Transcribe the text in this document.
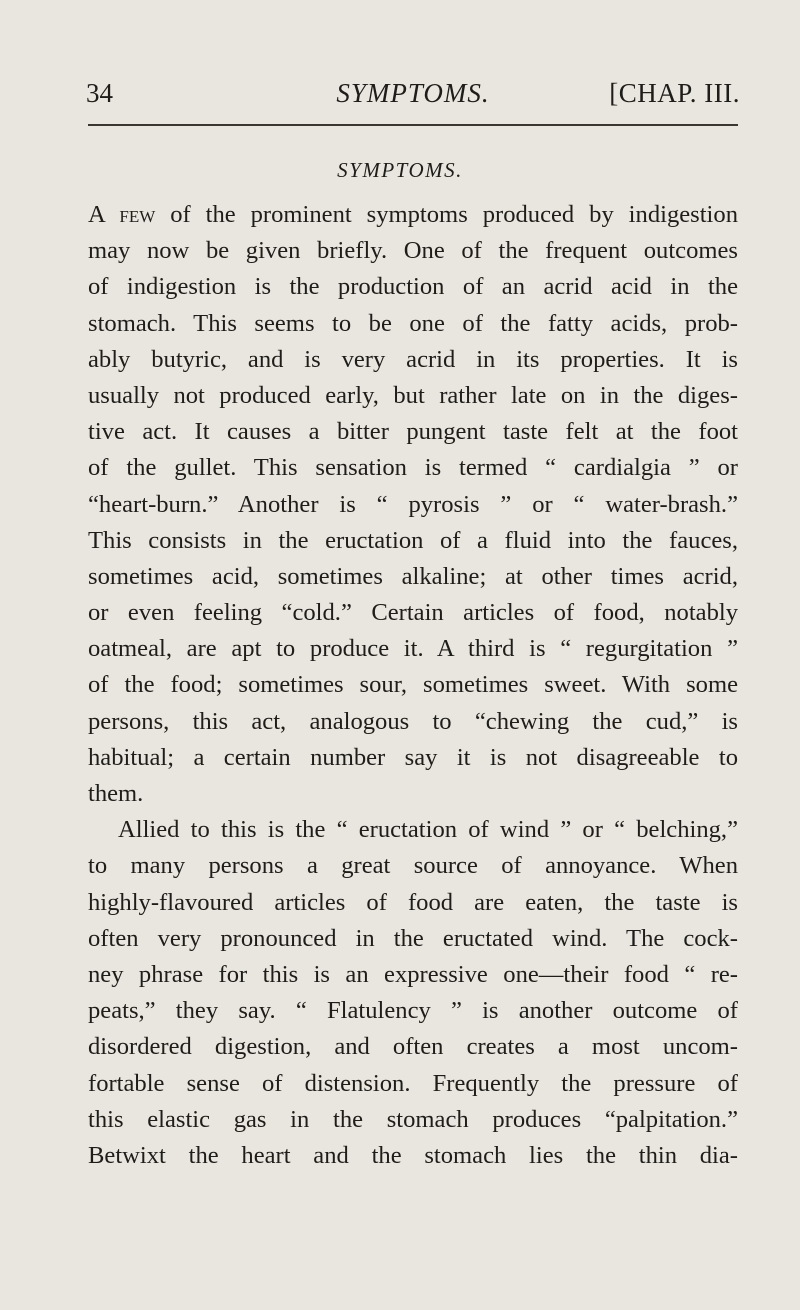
34	SYMPTOMS.	[CHAP. III.
SYMPTOMS.
A few of the prominent symptoms produced by indigestion
may now be given briefly. One of the frequent outcomes
of indigestion is the production of an acrid acid in the
stomach. This seems to be one of the fatty acids, prob-
ably butyric, and is very acrid in its properties. It is
usually not produced early, but rather late on in the diges-
tive act. It causes a bitter pungent taste felt at the foot
of the gullet. This sensation is termed “ cardialgia ” or
“heart-burn.” Another is “ pyrosis ” or “ water-brash.”
This consists in the eructation of a fluid into the fauces,
sometimes acid, sometimes alkaline; at other times acrid,
or even feeling “cold.” Certain articles of food, notably
oatmeal, are apt to produce it. A third is “ regurgitation ”
of the food; sometimes sour, sometimes sweet. With some
persons, this act, analogous to “chewing the cud,” is
habitual; a certain number say it is not disagreeable to
them.
Allied to this is the “ eructation of wind ” or “ belching,”
to many persons a great source of annoyance. When
highly-flavoured articles of food are eaten, the taste is
often very pronounced in the eructated wind. The cock-
ney phrase for this is an expressive one—their food “ re-
peats,” they say. “ Flatulency ” is another outcome of
disordered digestion, and often creates a most uncom-
fortable sense of distension. Frequently the pressure of
this elastic gas in the stomach produces “palpitation.”
Betwixt the heart and the stomach lies the thin dia-
